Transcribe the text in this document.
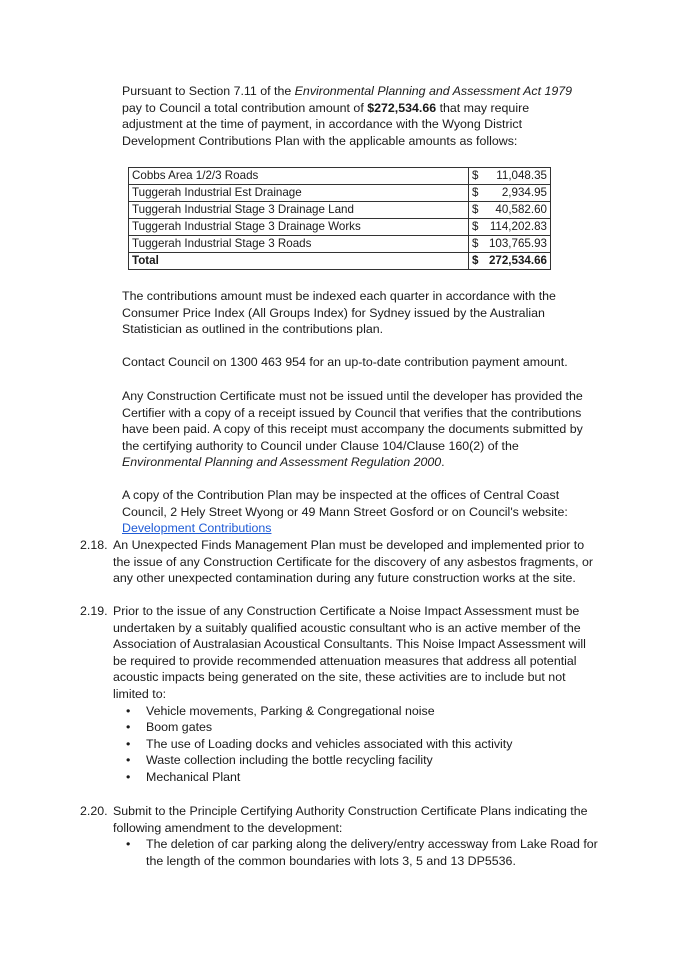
Pursuant to Section 7.11 of the Environmental Planning and Assessment Act 1979 pay to Council a total contribution amount of $272,534.66 that may require adjustment at the time of payment, in accordance with the Wyong District Development Contributions Plan with the applicable amounts as follows:

Cobbs Area 1/2/3 Roads	$	11,048.35
Tuggerah Industrial Est Drainage	$	2,934.95
Tuggerah Industrial Stage 3 Drainage Land	$	40,582.60
Tuggerah Industrial Stage 3 Drainage Works	$	114,202.83
Tuggerah Industrial Stage 3 Roads	$	103,765.93
Total	$	272,534.66

The contributions amount must be indexed each quarter in accordance with the Consumer Price Index (All Groups Index) for Sydney issued by the Australian Statistician as outlined in the contributions plan.

Contact Council on 1300 463 954 for an up-to-date contribution payment amount.

Any Construction Certificate must not be issued until the developer has provided the Certifier with a copy of a receipt issued by Council that verifies that the contributions have been paid. A copy of this receipt must accompany the documents submitted by the certifying authority to Council under Clause 104/Clause 160(2) of the Environmental Planning and Assessment Regulation 2000.

A copy of the Contribution Plan may be inspected at the offices of Central Coast Council, 2 Hely Street Wyong or 49 Mann Street Gosford or on Council's website: Development Contributions

2.18. An Unexpected Finds Management Plan must be developed and implemented prior to the issue of any Construction Certificate for the discovery of any asbestos fragments, or any other unexpected contamination during any future construction works at the site.
2.19. Prior to the issue of any Construction Certificate a Noise Impact Assessment must be undertaken by a suitably qualified acoustic consultant who is an active member of the Association of Australasian Acoustical Consultants. This Noise Impact Assessment will be required to provide recommended attenuation measures that address all potential acoustic impacts being generated on the site, these activities are to include but not limited to:
• Vehicle movements, Parking & Congregational noise
• Boom gates
• The use of Loading docks and vehicles associated with this activity
• Waste collection including the bottle recycling facility
• Mechanical Plant
2.20. Submit to the Principle Certifying Authority Construction Certificate Plans indicating the following amendment to the development:
• The deletion of car parking along the delivery/entry accessway from Lake Road for the length of the common boundaries with lots 3, 5 and 13 DP5536.
